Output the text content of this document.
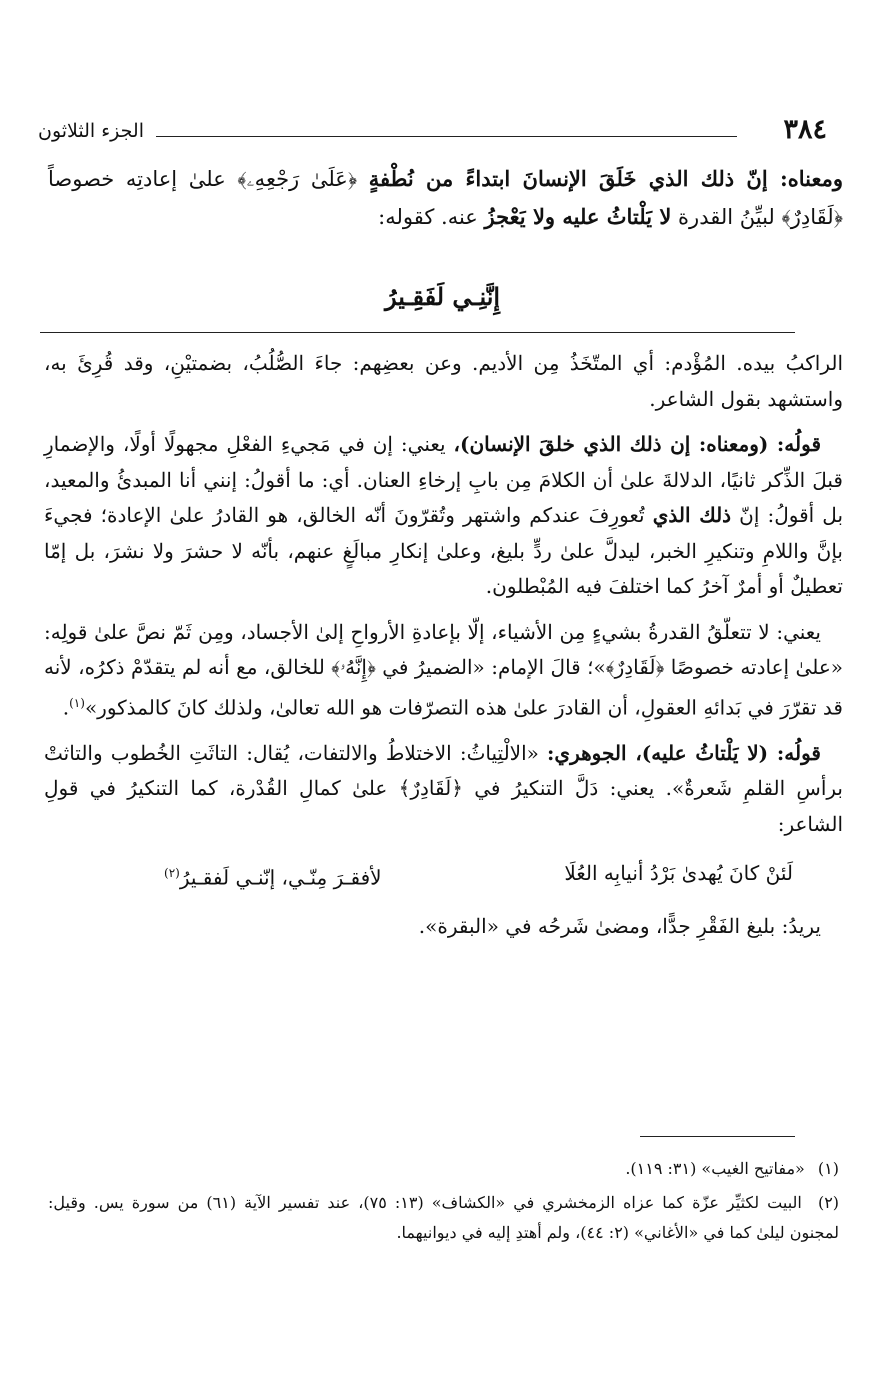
٣٨٤
الجزء الثلاثون

ومعناه: إنّ ذلك الذي خَلَقَ الإنسانَ ابتداءً من نُطْفةٍ ﴿عَلَىٰ رَجْعِهِۦ﴾ علىٰ إعادتِه خصوصاً ﴿لَقَادِرٌ﴾ لبيِّنُ القدرة لا يَلْتاثُ عليه ولا يَعْجزُ عنه. كقوله:

إِنَّنِـي لَفَقِـيرُ

الراكبُ بيده. المُؤْدم: أي المتّخَذُ مِن الأديم. وعن بعضِهم: جاءَ الصُّلُبُ، بضمتيْنِ، وقد قُرِئَ به، واستشهد بقول الشاعر.

قولُه: (ومعناه: إن ذلك الذي خلقَ الإنسان)، يعني: إن في مَجيءِ الفعْلِ مجهولًا أولًا، والإضمارِ قبلَ الذِّكر ثانيًا، الدلالةَ علىٰ أن الكلامَ مِن بابِ إرخاءِ العنان. أي: ما أقولُ: إنني أنا المبدئُ والمعيد، بل أقولُ: إنّ ذلك الذي تُعورِفَ عندكم واشتهر وتُقرّونَ أنّه الخالق، هو القادرُ علىٰ الإعادة؛ فجيءَ بإنَّ واللامِ وتنكيرِ الخبر، ليدلَّ علىٰ ردٍّ بليغ، وعلىٰ إنكارِ مبالَغٍ عنهم، بأنّه لا حشرَ ولا نشرَ، بل إمّا تعطيلٌ أو أمرٌ آخرُ كما اختلفَ فيه المُبْطلون.

يعني: لا تتعلّقُ القدرةُ بشيءٍ مِن الأشياء، إلّا بإعادةِ الأرواحِ إلىٰ الأجساد، ومِن ثَمّ نصَّ علىٰ قولِه: «علىٰ إعادته خصوصًا ﴿لَقَادِرٌ﴾»؛ قالَ الإمام: «الضميرُ في ﴿إِنَّهُۥ﴾ للخالق، مع أنه لم يتقدّمْ ذكرُه، لأنه قد تقرّرَ في بَدائهِ العقولِ، أن القادرَ علىٰ هذه التصرّفات هو الله تعالىٰ، ولذلك كانَ كالمذكور»$^{(١)}$.

قولُه: (لا يَلْتاثُ عليه)، الجوهري: «الالْتِياثُ: الاختلاطُ والالتفات، يُقال: التاثَتِ الخُطوب والتاثتْ برأسِ القلمِ شَعرةٌ». يعني: دَلَّ التنكيرُ في ﴿لَقَادِرٌ﴾ علىٰ كمالِ القُدْرة، كما التنكيرُ في قولِ الشاعر:

لَئنْ كانَ يُهدىٰ بَرْدُ أنيابِه العُلَا
لأفقـرَ مِنّـي، إنّنـي لَفقـيرُ$^{(٢)}$

يريدُ: بليغ الفَقْرِ جدًّا، ومضىٰ شَرحُه في «البقرة».

(١) «مفاتيح الغيب» (٣١: ١١٩).

(٢) البيت لكثيِّر عزّة كما عزاه الزمخشري في «الكشاف» (١٣: ٧٥)، عند تفسير الآية (٦١) من سورة يس. وقيل: لمجنون ليلىٰ كما في «الأغاني» (٢: ٤٤)، ولم أهتدِ إليه في ديوانيهما.
